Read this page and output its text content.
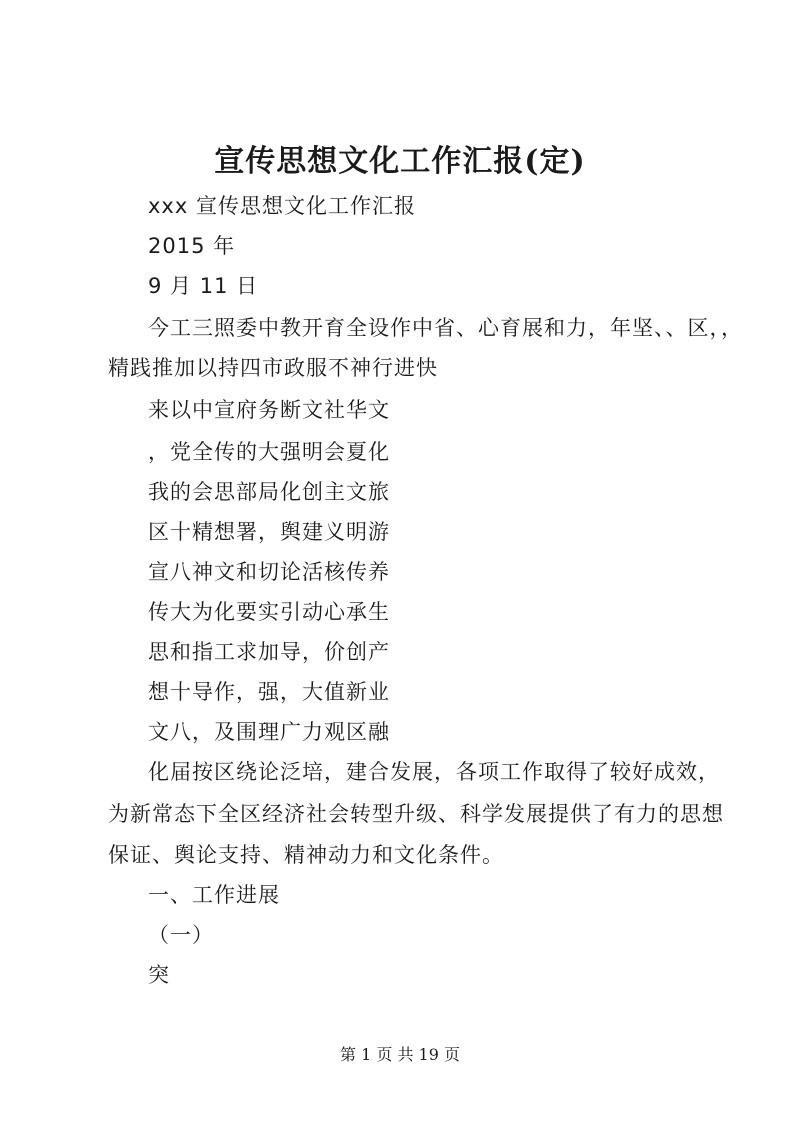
宣传思想文化工作汇报(定)
xxx 宣传思想文化工作汇报
2015 年
9 月 11 日
今工三照委中教开育全设作中省、心育展和力，年坚、、区，，
精践推加以持四市政服不神行进快
来以中宣府务断文社华文
，党全传的大强明会夏化
我的会思部局化创主文旅
区十精想署，舆建义明游
宣八神文和切论活核传养
传大为化要实引动心承生
思和指工求加导，价创产
想十导作，强，大值新业
文八，及围理广力观区融
化届按区绕论泛培，建合发展，各项工作取得了较好成效，
为新常态下全区经济社会转型升级、科学发展提供了有力的思想
保证、舆论支持、精神动力和文化条件。
一、工作进展
（一）
突
第 1 页 共 19 页
